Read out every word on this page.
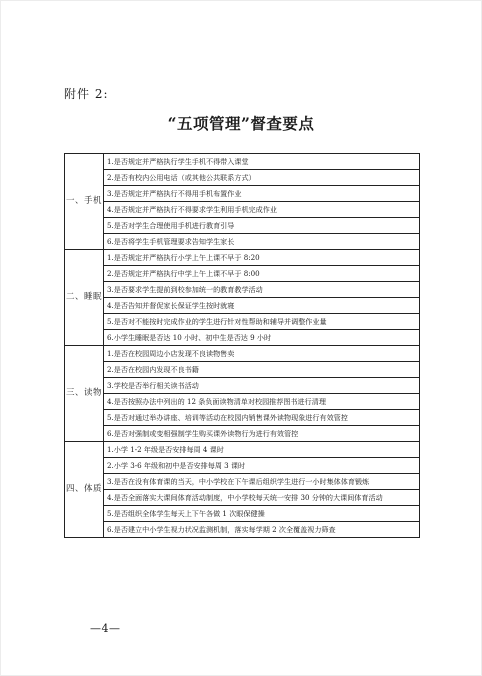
附件 2:
“五项管理”督查要点
一、手机	1.是否规定并严格执行学生手机不得带入课堂
	2.是否有校内公用电话（或其他公共联系方式）
	3.是否规定并严格执行不得用手机布置作业
	4.是否规定并严格执行不得要求学生利用手机完成作业
	5.是否对学生合理使用手机进行教育引导
	6.是否将学生手机管理要求告知学生家长
二、睡眠	1.是否规定并严格执行小学上午上课不早于 8:20
	2.是否规定并严格执行中学上午上课不早于 8:00
	3.是否要求学生提前到校参加统一的教育教学活动
	4.是否告知并督促家长保证学生按时就寝
	5.是否对不能按时完成作业的学生进行针对性帮助和辅导并调整作业量
	6.小学生睡眠是否达 10 小时、初中生是否达 9 小时
三、读物	1.是否在校园周边小店发现不良读物售卖
	2.是否在校园内发现不良书籍
	3.学校是否举行相关读书活动
	4.是否按照办法中列出的 12 条负面读物清单对校园推荐图书进行清理
	5.是否对通过举办讲座、培训等活动在校园内销售课外读物现象进行有效管控
	6.是否对强制或变相强制学生购买课外读物行为进行有效管控
四、体质	1.小学 1-2 年级是否安排每周 4 课时
	2.小学 3-6 年级和初中是否安排每周 3 课时
	3.是否在没有体育课的当天，中小学校在下午课后组织学生进行一小时集体体育锻炼
	4.是否全面落实大课间体育活动制度，中小学校每天统一安排 30 分钟的大课间体育活动
	5.是否组织全体学生每天上下午各做 1 次眼保健操
	6.是否建立中小学生视力状况监测机制，落实每学期 2 次全覆盖视力筛查
—4—
